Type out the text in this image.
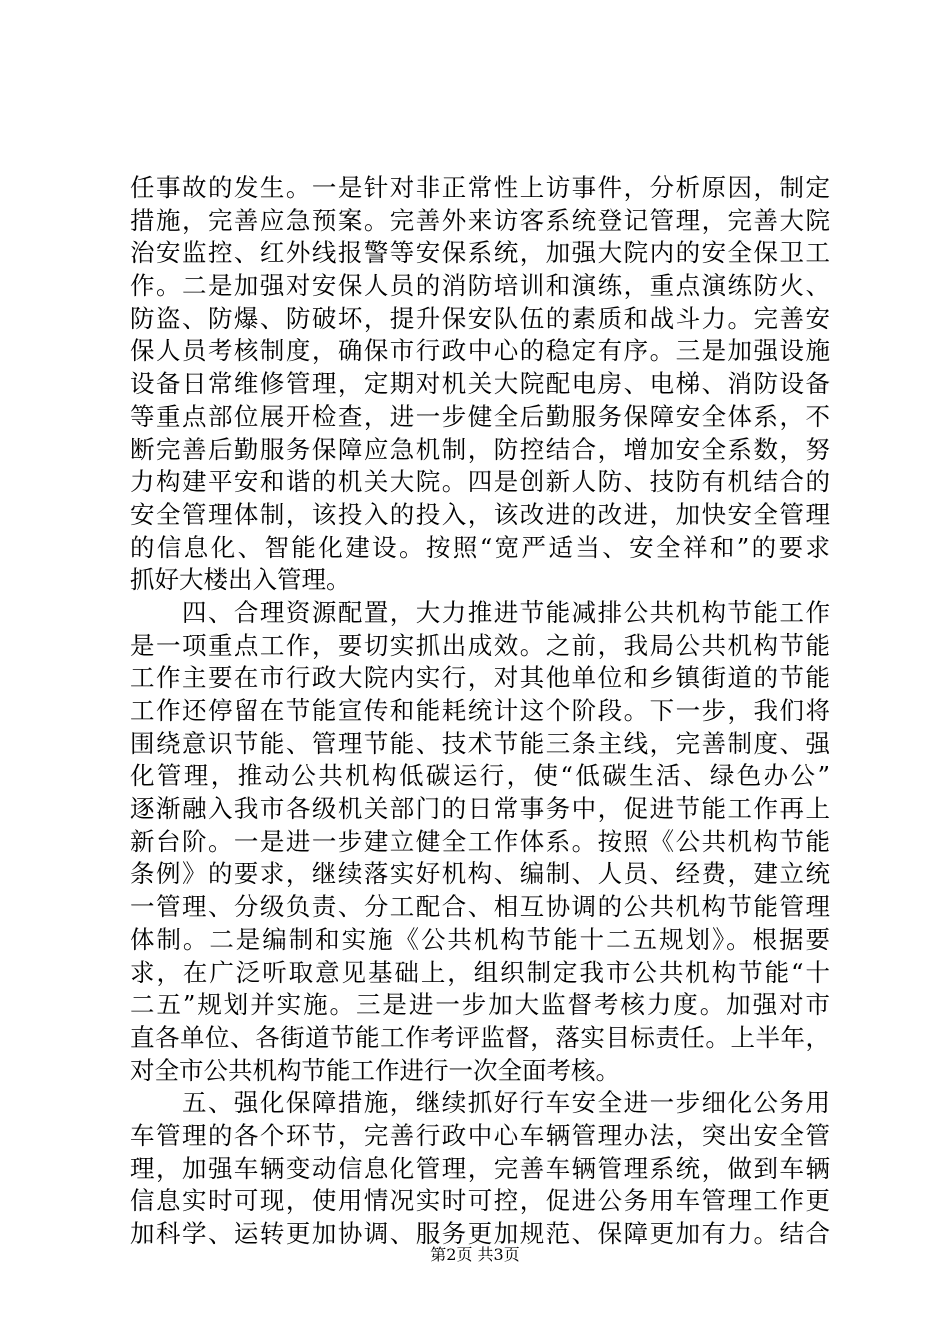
任事故的发生。一是针对非正常性上访事件，分析原因，制定
措施，完善应急预案。完善外来访客系统登记管理，完善大院
治安监控、红外线报警等安保系统，加强大院内的安全保卫工
作。二是加强对安保人员的消防培训和演练，重点演练防火、
防盗、防爆、防破坏，提升保安队伍的素质和战斗力。完善安
保人员考核制度，确保市行政中心的稳定有序。三是加强设施
设备日常维修管理，定期对机关大院配电房、电梯、消防设备
等重点部位展开检查，进一步健全后勤服务保障安全体系，不
断完善后勤服务保障应急机制，防控结合，增加安全系数，努
力构建平安和谐的机关大院。四是创新人防、技防有机结合的
安全管理体制，该投入的投入，该改进的改进，加快安全管理
的信息化、智能化建设。按照“宽严适当、安全祥和”的要求
抓好大楼出入管理。
　　四、合理资源配置，大力推进节能减排公共机构节能工作
是一项重点工作，要切实抓出成效。之前，我局公共机构节能
工作主要在市行政大院内实行，对其他单位和乡镇街道的节能
工作还停留在节能宣传和能耗统计这个阶段。下一步，我们将
围绕意识节能、管理节能、技术节能三条主线，完善制度、强
化管理，推动公共机构低碳运行，使“低碳生活、绿色办公”
逐渐融入我市各级机关部门的日常事务中，促进节能工作再上
新台阶。一是进一步建立健全工作体系。按照《公共机构节能
条例》的要求，继续落实好机构、编制、人员、经费，建立统
一管理、分级负责、分工配合、相互协调的公共机构节能管理
体制。二是编制和实施《公共机构节能十二五规划》。根据要
求，在广泛听取意见基础上，组织制定我市公共机构节能“十
二五”规划并实施。三是进一步加大监督考核力度。加强对市
直各单位、各街道节能工作考评监督，落实目标责任。上半年，
对全市公共机构节能工作进行一次全面考核。
　　五、强化保障措施，继续抓好行车安全进一步细化公务用
车管理的各个环节，完善行政中心车辆管理办法，突出安全管
理，加强车辆变动信息化管理，完善车辆管理系统，做到车辆
信息实时可现，使用情况实时可控，促进公务用车管理工作更
加科学、运转更加协调、服务更加规范、保障更加有力。结合
第2页 共3页
